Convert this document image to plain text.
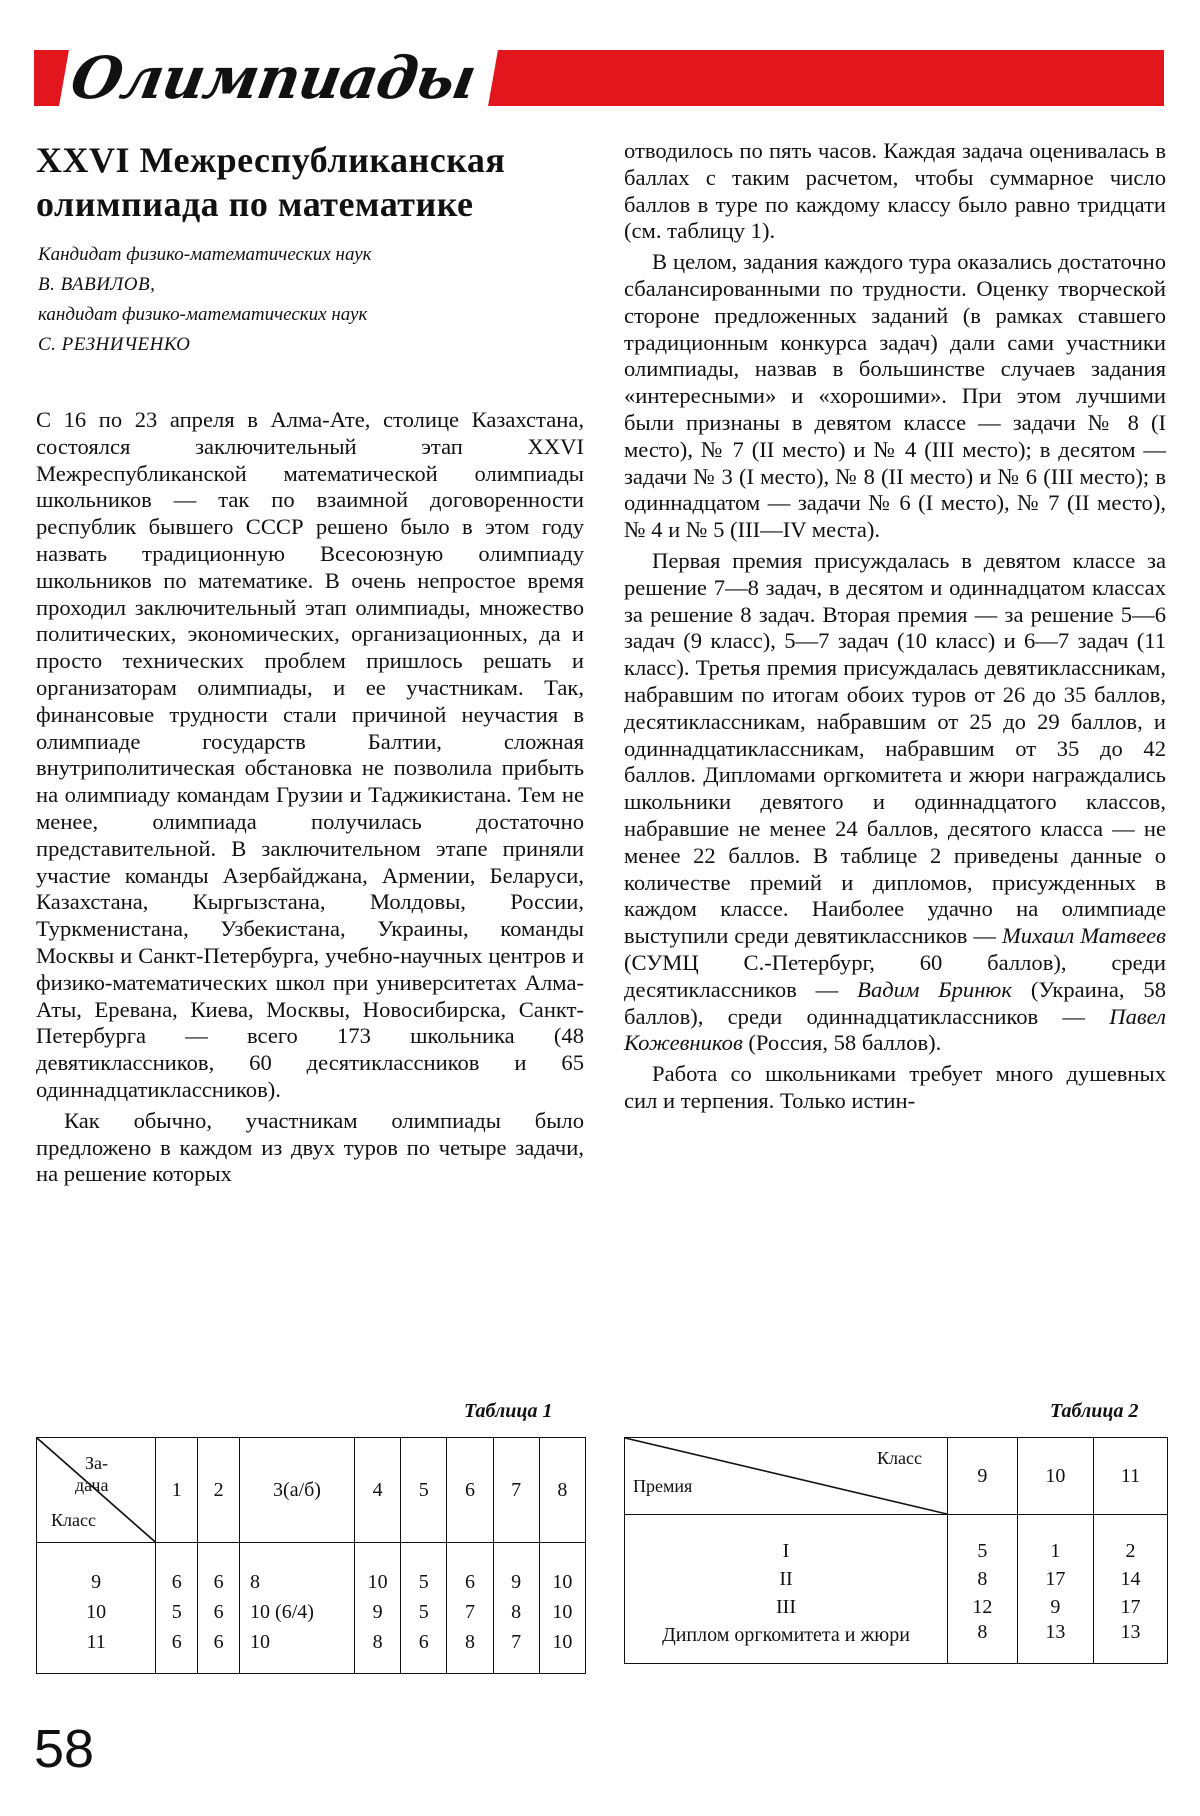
Олимпиады
XXVI Межреспубликанская
олимпиада по математике
Кандидат физико-математических наук
В. ВАВИЛОВ,
кандидат физико-математических наук
С. РЕЗНИЧЕНКО

С 16 по 23 апреля в Алма-Ате, столице Казахстана, состоялся заключительный этап XXVI Межреспубликанской математической олимпиады школьников — так по взаимной договоренности республик бывшего СССР решено было в этом году назвать традиционную Всесоюзную олимпиаду школьников по математике. В очень непростое время проходил заключительный этап олимпиады, множество политических, экономических, организационных, да и просто технических проблем пришлось решать и организаторам олимпиады, и ее участникам. Так, финансовые трудности стали причиной неучастия в олимпиаде государств Балтии, сложная внутриполитическая обстановка не позволила прибыть на олимпиаду командам Грузии и Таджикистана. Тем не менее, олимпиада получилась достаточно представительной. В заключительном этапе приняли участие команды Азербайджана, Армении, Беларуси, Казахстана, Кыргызстана, Молдовы, России, Туркменистана, Узбекистана, Украины, команды Москвы и Санкт-Петербурга, учебно-научных центров и физико-математических школ при университетах Алма-Аты, Еревана, Киева, Москвы, Новосибирска, Санкт-Петербурга — всего 173 школьника (48 девятиклассников, 60 десятиклассников и 65 одиннадцатиклассников).

Как обычно, участникам олимпиады было предложено в каждом из двух туров по четыре задачи, на решение которых

отводилось по пять часов. Каждая задача оценивалась в баллах с таким расчетом, чтобы суммарное число баллов в туре по каждому классу было равно тридцати (см. таблицу 1).

В целом, задания каждого тура оказались достаточно сбалансированными по трудности. Оценку творческой стороне предложенных заданий (в рамках ставшего традиционным конкурса задач) дали сами участники олимпиады, назвав в большинстве случаев задания «интересными» и «хорошими». При этом лучшими были признаны в девятом классе — задачи № 8 (I место), № 7 (II место) и № 4 (III место); в десятом — задачи № 3 (I место), № 8 (II место) и № 6 (III место); в одиннадцатом — задачи № 6 (I место), № 7 (II место), № 4 и № 5 (III—IV места).

Первая премия присуждалась в девятом классе за решение 7—8 задач, в десятом и одиннадцатом классах за решение 8 задач. Вторая премия — за решение 5—6 задач (9 класс), 5—7 задач (10 класс) и 6—7 задач (11 класс). Третья премия присуждалась девятиклассникам, набравшим по итогам обоих туров от 26 до 35 баллов, десятиклассникам, набравшим от 25 до 29 баллов, и одиннадцатиклассникам, набравшим от 35 до 42 баллов. Дипломами оргкомитета и жюри награждались школьники девятого и одиннадцатого классов, набравшие не менее 24 баллов, десятого класса — не менее 22 баллов. В таблице 2 приведены данные о количестве премий и дипломов, присужденных в каждом классе. Наиболее удачно на олимпиаде выступили среди девятиклассников — Михаил Матвеев (СУМЦ С.-Петербург, 60 баллов), среди десятиклассников — Вадим Бринюк (Украина, 58 баллов), среди одиннадцатиклассников — Павел Кожевников (Россия, 58 баллов).

Работа со школьниками требует много душевных сил и терпения. Только истин-

Таблица 1
За-
дача
Класс	1	2	3(а/б)	4	5	6	7	8
9	6	6	8	10	5	6	9	10
10	5	6	10 (6/4)	9	5	7	8	10
11	6	6	10	8	6	8	7	10
Таблица 2
Класс
Премия	9	10	11
I	5	1	2
II	8	17	14
III	12	9	17
Диплом оргкомитета и жюри	8	13	13
58
